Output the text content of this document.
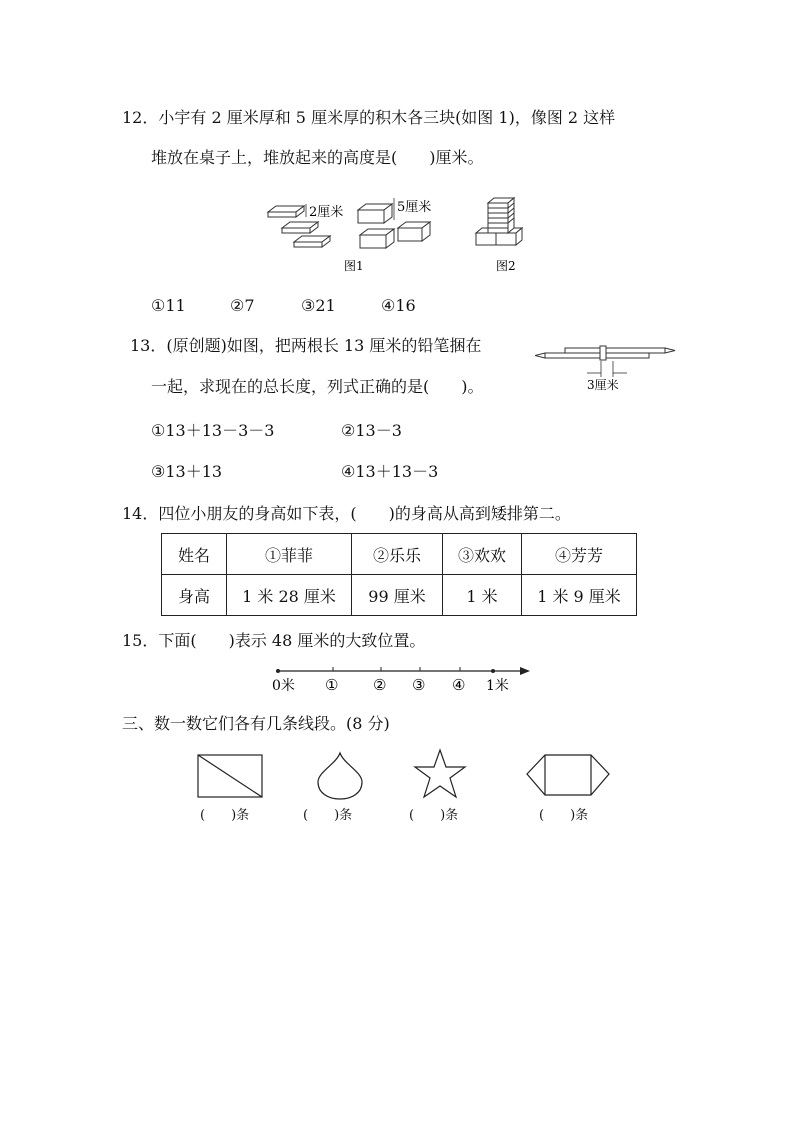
12．小宇有 2 厘米厚和 5 厘米厚的积木各三块(如图 1)，像图 2 这样
堆放在桌子上，堆放起来的高度是(　　)厘米。
2厘米	5厘米
图1	图2
①11	②7	③21	④16
13．(原创题)如图，把两根长 13 厘米的铅笔捆在
一起，求现在的总长度，列式正确的是(　　)。	3厘米
①13＋13－3－3	②13－3
③13＋13	④13＋13－3
14．四位小朋友的身高如下表，(　　)的身高从高到矮排第二。
姓名	①菲菲	②乐乐	③欢欢	④芳芳
身高	1 米 28 厘米	99 厘米	1 米	1 米 9 厘米
15．下面(　　)表示 48 厘米的大致位置。
0米 ① ② ③ ④ 1米
三、数一数它们各有几条线段。(8 分)
(　　)条	(　　)条	(　　)条	(　　)条
